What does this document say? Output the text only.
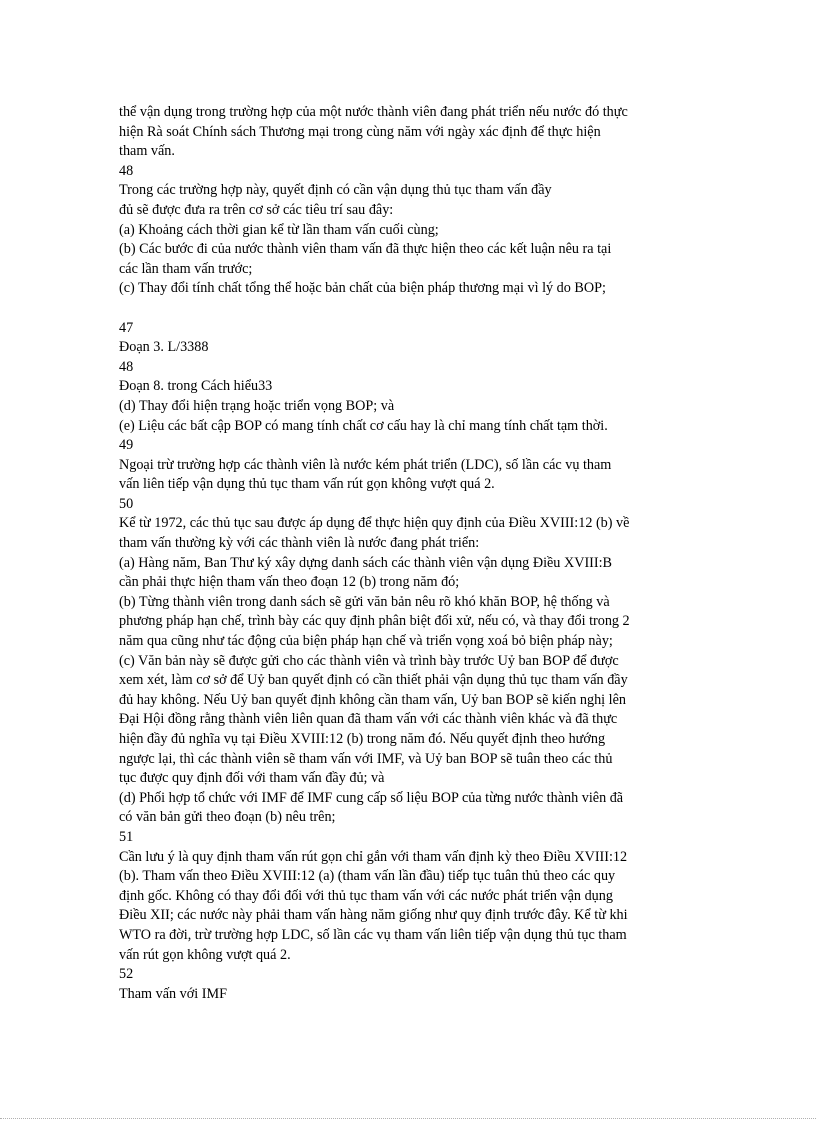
thể vận dụng trong trường hợp của một nước thành viên đang phát triển nếu nước đó thực
hiện Rà soát Chính sách Thương mại trong cùng năm với ngày xác định để thực hiện
tham vấn.
48
Trong các trường hợp này, quyết định có cần vận dụng thủ tục tham vấn đầy
đủ sẽ được đưa ra trên cơ sở các tiêu trí sau đây:
(a) Khoảng cách thời gian kể từ lần tham vấn cuối cùng;
(b) Các bước đi của nước thành viên tham vấn đã thực hiện theo các kết luận nêu ra tại
các lần tham vấn trước;
(c) Thay đổi tính chất tổng thể hoặc bản chất của biện pháp thương mại vì lý do BOP;
47
Đoạn 3. L/3388
48
Đoạn 8. trong Cách hiểu33
(d) Thay đổi hiện trạng hoặc triển vọng BOP; và
(e) Liệu các bất cập BOP có mang tính chất cơ cấu hay là chỉ mang tính chất tạm thời.
49
Ngoại trừ trường hợp các thành viên là nước kém phát triển (LDC), số lần các vụ tham
vấn liên tiếp vận dụng thủ tục tham vấn rút gọn không vượt quá 2.
50
Kể từ 1972, các thủ tục sau được áp dụng để thực hiện quy định của Điều XVIII:12 (b) về
tham vấn thường kỳ với các thành viên là nước đang phát triển:
(a) Hàng năm, Ban Thư ký xây dựng danh sách các thành viên vận dụng Điều XVIII:B
cần phải thực hiện tham vấn theo đoạn 12 (b) trong năm đó;
(b) Từng thành viên trong danh sách sẽ gửi văn bản nêu rõ khó khăn BOP, hệ thống và
phương pháp hạn chế, trình bày các quy định phân biệt đối xử, nếu có, và thay đổi trong 2
năm qua cũng như tác động của biện pháp hạn chế và triển vọng xoá bỏ biện pháp này;
(c) Văn bản này sẽ được gửi cho các thành viên và trình bày trước Uỷ ban BOP để được
xem xét, làm cơ sở để Uỷ ban quyết định có cần thiết phải vận dụng thủ tục tham vấn đầy
đủ hay không. Nếu Uỷ ban quyết định không cần tham vấn, Uỷ ban BOP sẽ kiến nghị lên
Đại Hội đồng rằng thành viên liên quan đã tham vấn với các thành viên khác và đã thực
hiện đầy đủ nghĩa vụ tại Điều XVIII:12 (b) trong năm đó. Nếu quyết định theo hướng
ngược lại, thì các thành viên sẽ tham vấn với IMF, và Uỷ ban BOP sẽ tuân theo các thủ
tục được quy định đối với tham vấn đầy đủ; và
(d) Phối hợp tổ chức với IMF để IMF cung cấp số liệu BOP của từng nước thành viên đã
có văn bản gửi theo đoạn (b) nêu trên;
51
Cần lưu ý là quy định tham vấn rút gọn chỉ gắn với tham vấn định kỳ theo Điều XVIII:12
(b). Tham vấn theo Điều XVIII:12 (a) (tham vấn lần đầu) tiếp tục tuân thủ theo các quy
định gốc. Không có thay đổi đối với thủ tục tham vấn với các nước phát triển vận dụng
Điều XII; các nước này phải tham vấn hàng năm giống như quy định trước đây. Kể từ khi
WTO ra đời, trừ trường hợp LDC, số lần các vụ tham vấn liên tiếp vận dụng thủ tục tham
vấn rút gọn không vượt quá 2.
52
Tham vấn với IMF
